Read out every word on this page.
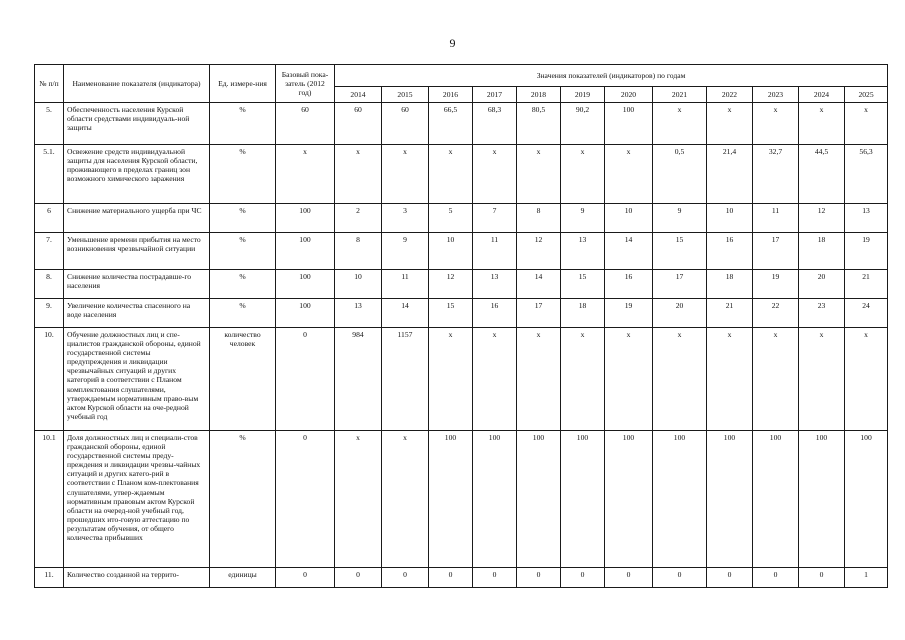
9
№ п/п	Наименование показателя (индикатора)	Ед. измере-ния	Базовый пока-затель (2012 год)	Значения показателей (индикаторов) по годам											
				2014	2015	2016	2017	2018	2019	2020	2021	2022	2023	2024	2025
5.	Обеспеченность населения Курской области средствами индивидуаль-ной защиты	%	60	60	60	66,5	68,3	80,5	90,2	100	х	х	х	х	х
5.1.	Освежение средств индивидуальной защиты для населения Курской области, проживающего в пределах границ зон возможного химического заражения	%	х	х	х	х	х	х	х	х	0,5	21,4	32,7	44,5	56,3
6	Снижение материального ущерба при ЧС	%	100	2	3	5	7	8	9	10	9	10	11	12	13
7.	Уменьшение времени прибытия на место возникновения чрезвычайной ситуации	%	100	8	9	10	11	12	13	14	15	16	17	18	19
8.	Снижение количества пострадавше-го населения	%	100	10	11	12	13	14	15	16	17	18	19	20	21
9.	Увеличение количества спасенного на воде населения	%	100	13	14	15	16	17	18	19	20	21	22	23	24
10.	Обучение должностных лиц и спе-циалистов гражданской обороны, единой государственной системы предупреждения и ликвидации чрезвычайных ситуаций и других категорий в соответствии с Планом комплектования слушателями, утверждаемым нормативным право-вым актом Курской области на оче-редной учебный год	количество человек	0	984	1157	х	х	х	х	х	х	х	х	х	х
10.1	Доля должностных лиц и специали-стов гражданской обороны, единой государственной системы преду-преждения и ликвидации чрезвы-чайных ситуаций и других катего-рий в соответствии с Планом ком-плектования слушателями, утвер-ждаемым нормативным правовым актом Курской области на очеред-ной учебный год, прошедших ито-говую аттестацию по результатам обучения, от общего количества прибывших	%	0	х	х	100	100	100	100	100	100	100	100	100	100
11.	Количество созданной на террито-	единицы	0	0	0	0	0	0	0	0	0	0	0	0	1
